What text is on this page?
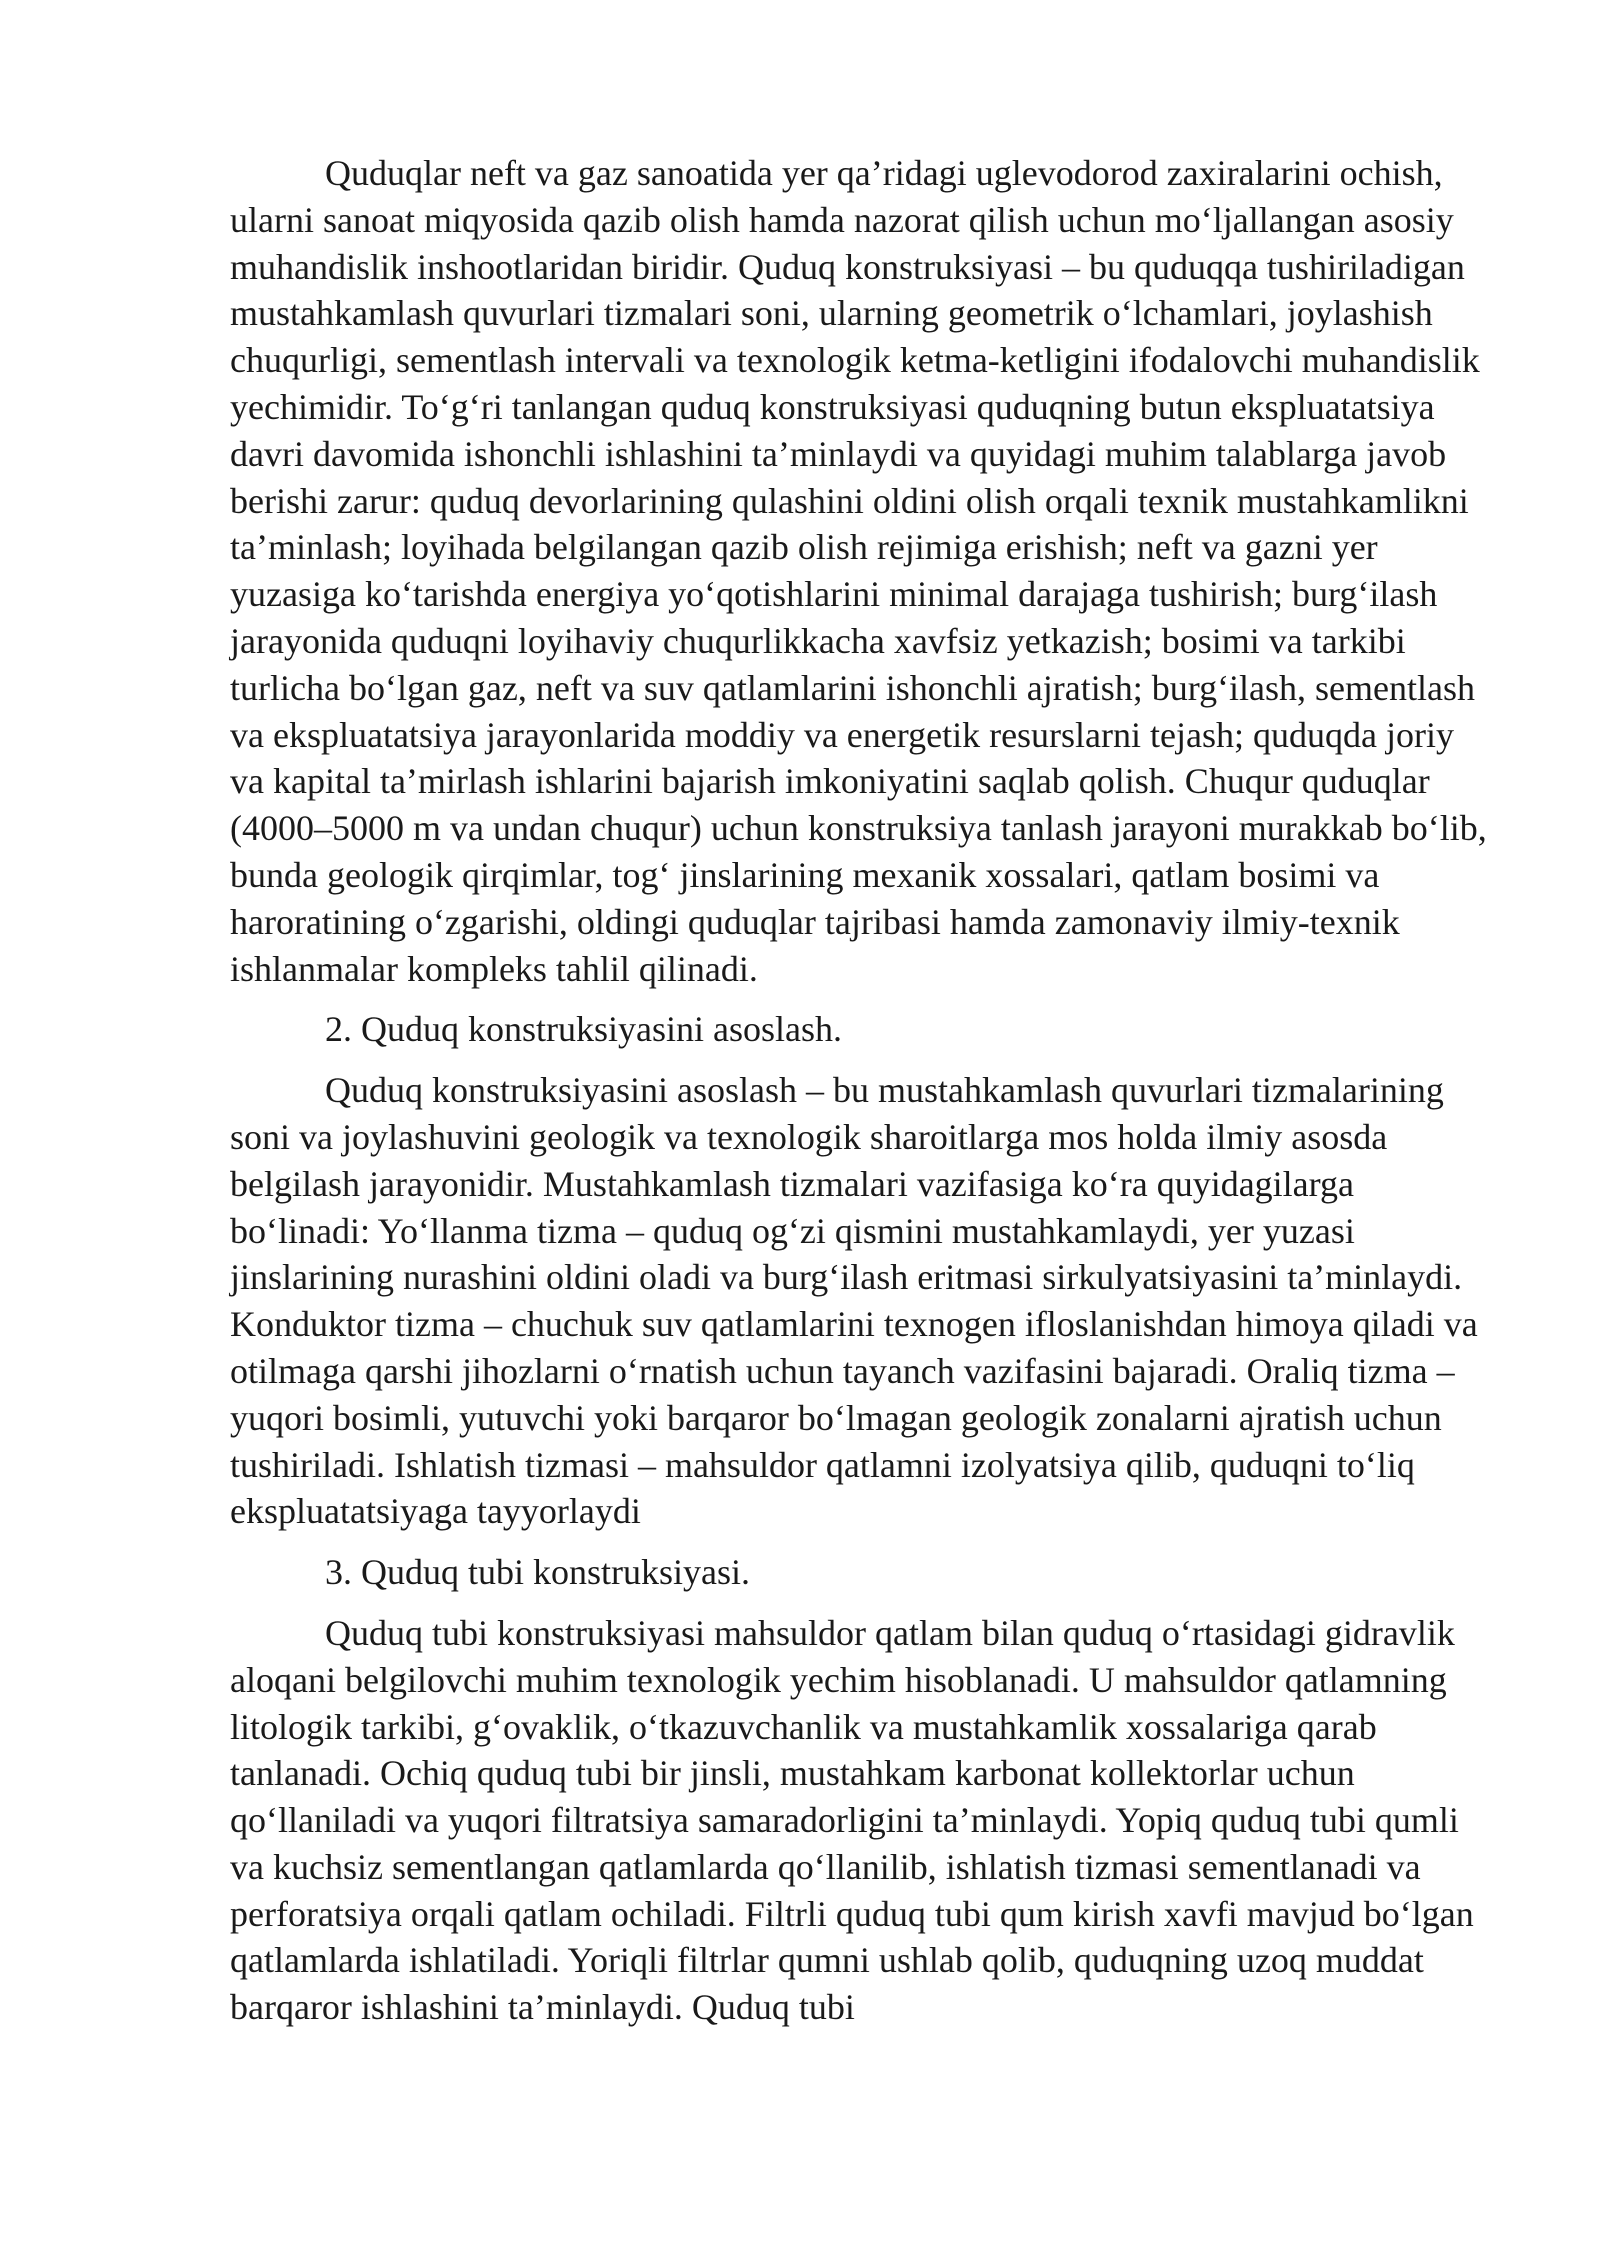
Quduqlar neft va gaz sanoatida yer qa’ridagi uglevodorod zaxiralarini ochish, ularni sanoat miqyosida qazib olish hamda nazorat qilish uchun mo‘ljallangan asosiy muhandislik inshootlaridan biridir. Quduq konstruksiyasi – bu quduqqa tushiriladigan mustahkamlash quvurlari tizmalari soni, ularning geometrik o‘lchamlari, joylashish chuqurligi, sementlash intervali va texnologik ketma-ketligini ifodalovchi muhandislik yechimidir. To‘g‘ri tanlangan quduq konstruksiyasi quduqning butun ekspluatatsiya davri davomida ishonchli ishlashini ta’minlaydi va quyidagi muhim talablarga javob berishi zarur: quduq devorlarining qulashini oldini olish orqali texnik mustahkamlikni ta’minlash; loyihada belgilangan qazib olish rejimiga erishish; neft va gazni yer yuzasiga ko‘tarishda energiya yo‘qotishlarini minimal darajaga tushirish; burg‘ilash jarayonida quduqni loyihaviy chuqurlikkacha xavfsiz yetkazish; bosimi va tarkibi turlicha bo‘lgan gaz, neft va suv qatlamlarini ishonchli ajratish; burg‘ilash, sementlash va ekspluatatsiya jarayonlarida moddiy va energetik resurslarni tejash; quduqda joriy va kapital ta’mirlash ishlarini bajarish imkoniyatini saqlab qolish. Chuqur quduqlar (4000–5000 m va undan chuqur) uchun konstruksiya tanlash jarayoni murakkab bo‘lib, bunda geologik qirqimlar, tog‘ jinslarining mexanik xossalari, qatlam bosimi va haroratining o‘zgarishi, oldingi quduqlar tajribasi hamda zamonaviy ilmiy-texnik ishlanmalar kompleks tahlil qilinadi.

2. Quduq konstruksiyasini asoslash.

Quduq konstruksiyasini asoslash – bu mustahkamlash quvurlari tizmalarining soni va joylashuvini geologik va texnologik sharoitlarga mos holda ilmiy asosda belgilash jarayonidir. Mustahkamlash tizmalari vazifasiga ko‘ra quyidagilarga bo‘linadi: Yo‘llanma tizma – quduq og‘zi qismini mustahkamlaydi, yer yuzasi jinslarining nurashini oldini oladi va burg‘ilash eritmasi sirkulyatsiyasini ta’minlaydi. Konduktor tizma – chuchuk suv qatlamlarini texnogen ifloslanishdan himoya qiladi va otilmaga qarshi jihozlarni o‘rnatish uchun tayanch vazifasini bajaradi. Oraliq tizma – yuqori bosimli, yutuvchi yoki barqaror bo‘lmagan geologik zonalarni ajratish uchun tushiriladi. Ishlatish tizmasi – mahsuldor qatlamni izolyatsiya qilib, quduqni to‘liq ekspluatatsiyaga tayyorlaydi

3. Quduq tubi konstruksiyasi.

Quduq tubi konstruksiyasi mahsuldor qatlam bilan quduq o‘rtasidagi gidravlik aloqani belgilovchi muhim texnologik yechim hisoblanadi. U mahsuldor qatlamning litologik tarkibi, g‘ovaklik, o‘tkazuvchanlik va mustahkamlik xossalariga qarab tanlanadi. Ochiq quduq tubi bir jinsli, mustahkam karbonat kollektorlar uchun qo‘llaniladi va yuqori filtratsiya samaradorligini ta’minlaydi. Yopiq quduq tubi qumli va kuchsiz sementlangan qatlamlarda qo‘llanilib, ishlatish tizmasi sementlanadi va perforatsiya orqali qatlam ochiladi. Filtrli quduq tubi qum kirish xavfi mavjud bo‘lgan qatlamlarda ishlatiladi. Yoriqli filtrlar qumni ushlab qolib, quduqning uzoq muddat barqaror ishlashini ta’minlaydi. Quduq tubi
